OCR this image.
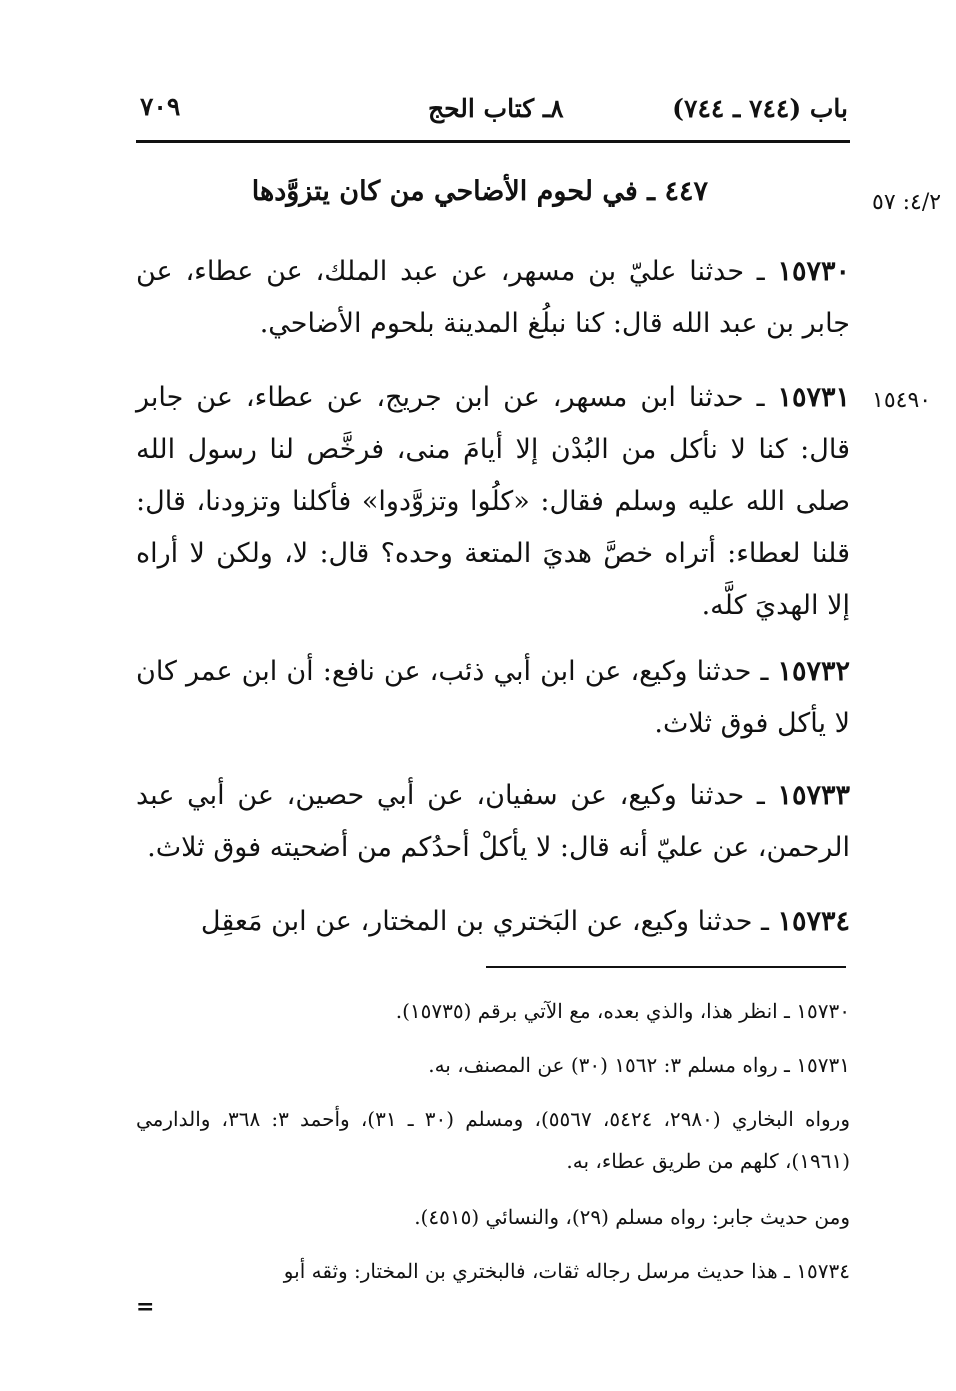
باب (٧٤٤ ـ ٧٤٤)
٨ـ كتاب الحج
٧٠٩
٤٤٧ ـ في لحوم الأضاحي من كان يتزوَّدها	٤/٢: ٥٧
١٥٧٣٠ ـ حدثنا عليّ بن مسهر، عن عبد الملك، عن عطاء، عن جابر بن عبد الله قال: كنا نبلُغ المدينة بلحوم الأضاحي.
١٥٤٩٠
١٥٧٣١ ـ حدثنا ابن مسهر، عن ابن جريج، عن عطاء، عن جابر قال: كنا لا نأكل من البُدْن إلا أيامَ منى، فرخَّص لنا رسول الله صلى الله عليه وسلم فقال: «كلُوا وتزوَّدوا» فأكلنا وتزودنا، قال: قلنا لعطاء: أتراه خصَّ هديَ المتعة وحده؟ قال: لا، ولكن لا أراه إلا الهديَ كلَّه.
١٥٧٣٢ ـ حدثنا وكيع، عن ابن أبي ذئب، عن نافع: أن ابن عمر كان لا يأكل فوق ثلاث.
١٥٧٣٣ ـ حدثنا وكيع، عن سفيان، عن أبي حصين، عن أبي عبد الرحمن، عن عليّ أنه قال: لا يأكلْ أحدُكم من أضحيته فوق ثلاث.
١٥٧٣٤ ـ حدثنا وكيع، عن البَختري بن المختار، عن ابن مَعقِل
١٥٧٣٠ ـ انظر هذا، والذي بعده، مع الآتي برقم (١٥٧٣٥).
١٥٧٣١ ـ رواه مسلم ٣: ١٥٦٢ (٣٠) عن المصنف، به.
ورواه البخاري (٢٩٨٠، ٥٤٢٤، ٥٥٦٧)، ومسلم (٣٠ ـ ٣١)، وأحمد ٣: ٣٦٨، والدارمي (١٩٦١)، كلهم من طريق عطاء، به.
ومن حديث جابر: رواه مسلم (٢٩)، والنسائي (٤٥١٥).
١٥٧٣٤ ـ هذا حديث مرسل رجاله ثقات، فالبختري بن المختار: وثقه أبو
=
